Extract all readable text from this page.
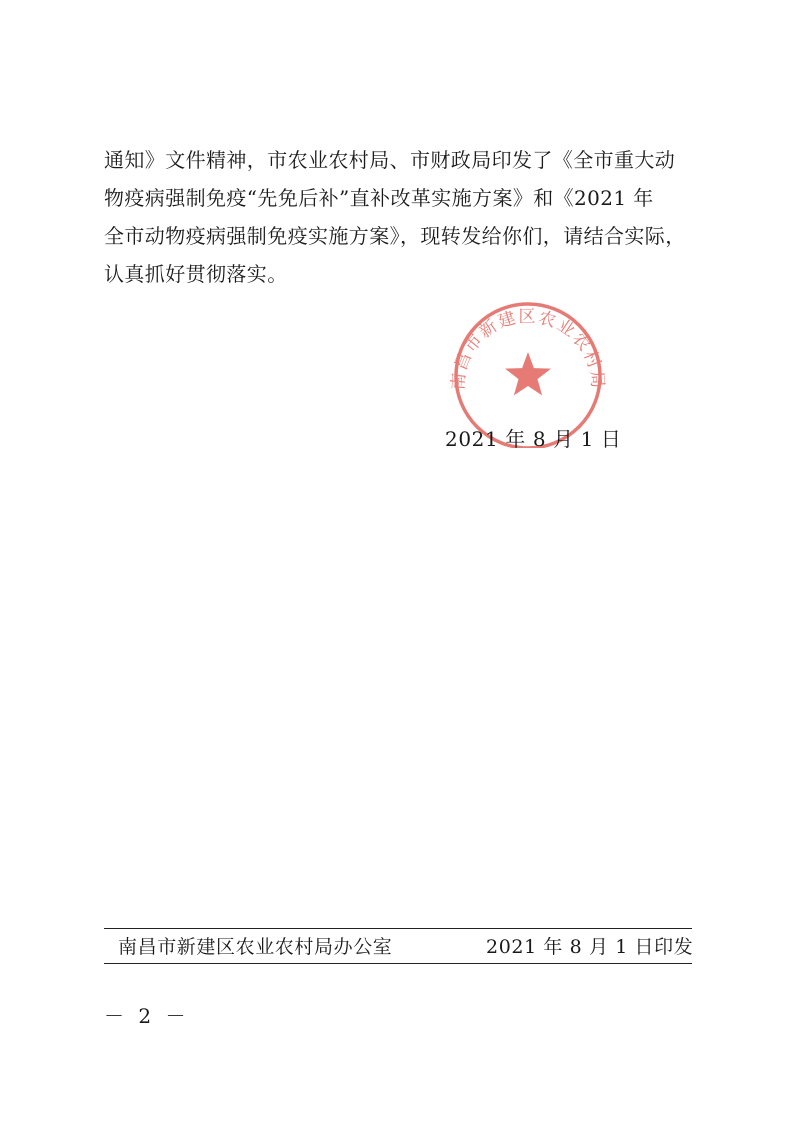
通知》文件精神，市农业农村局、市财政局印发了《全市重大动
物疫病强制免疫“先免后补”直补改革实施方案》和《2021 年
全市动物疫病强制免疫实施方案》，现转发给你们，请结合实际，
认真抓好贯彻落实。
南昌市新建区农业农村局
2021 年 8 月 1 日
南昌市新建区农业农村局办公室	2021 年 8 月 1 日印发
－ 2 －
